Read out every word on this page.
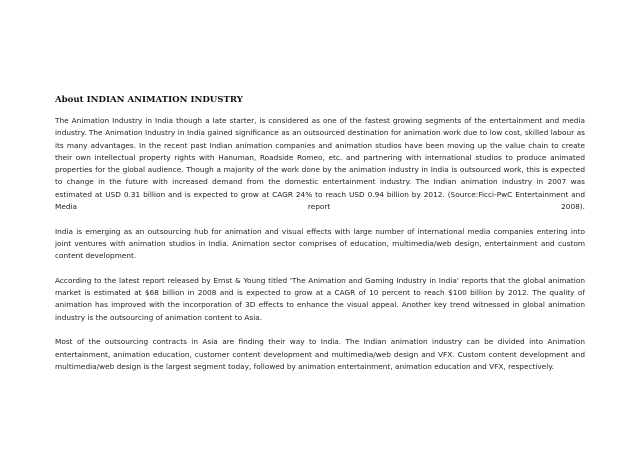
About INDIAN ANIMATION INDUSTRY

The Animation Industry in India though a late starter, is considered as one of the fastest growing segments of the entertainment and media industry. The Animation Industry in India gained significance as an outsourced destination for animation work due to low cost, skilled labour as its many advantages. In the recent past Indian animation companies and animation studios have been moving up the value chain to create their own intellectual property rights with Hanuman, Roadside Romeo, etc. and partnering with international studios to produce animated properties for the global audience. Though a majority of the work done by the animation industry in India is outsourced work, this is expected to change in the future with increased demand from the domestic entertainment industry. The Indian animation industry in 2007 was estimated at USD 0.31 billion and is expected to grow at CAGR 24% to reach USD 0.94 billion by 2012. (Source:Ficci-PwC Entertainment and Media report 2008).

India is emerging as an outsourcing hub for animation and visual effects with large number of international media companies entering into joint ventures with animation studios in India. Animation sector comprises of education, multimedia/web design, entertainment and custom content development.

According to the latest report released by Ernst & Young titled 'The Animation and Gaming Industry in India' reports that the global animation market is estimated at $68 billion in 2008 and is expected to grow at a CAGR of 10 percent to reach $100 billion by 2012. The quality of animation has improved with the incorporation of 3D effects to enhance the visual appeal. Another key trend witnessed in global animation industry is the outsourcing of animation content to Asia.

Most of the outsourcing contracts in Asia are finding their way to India. The Indian animation industry can be divided into Animation entertainment, animation education, customer content development and multimedia/web design and VFX. Custom content development and multimedia/web design is the largest segment today, followed by animation entertainment, animation education and VFX, respectively.
